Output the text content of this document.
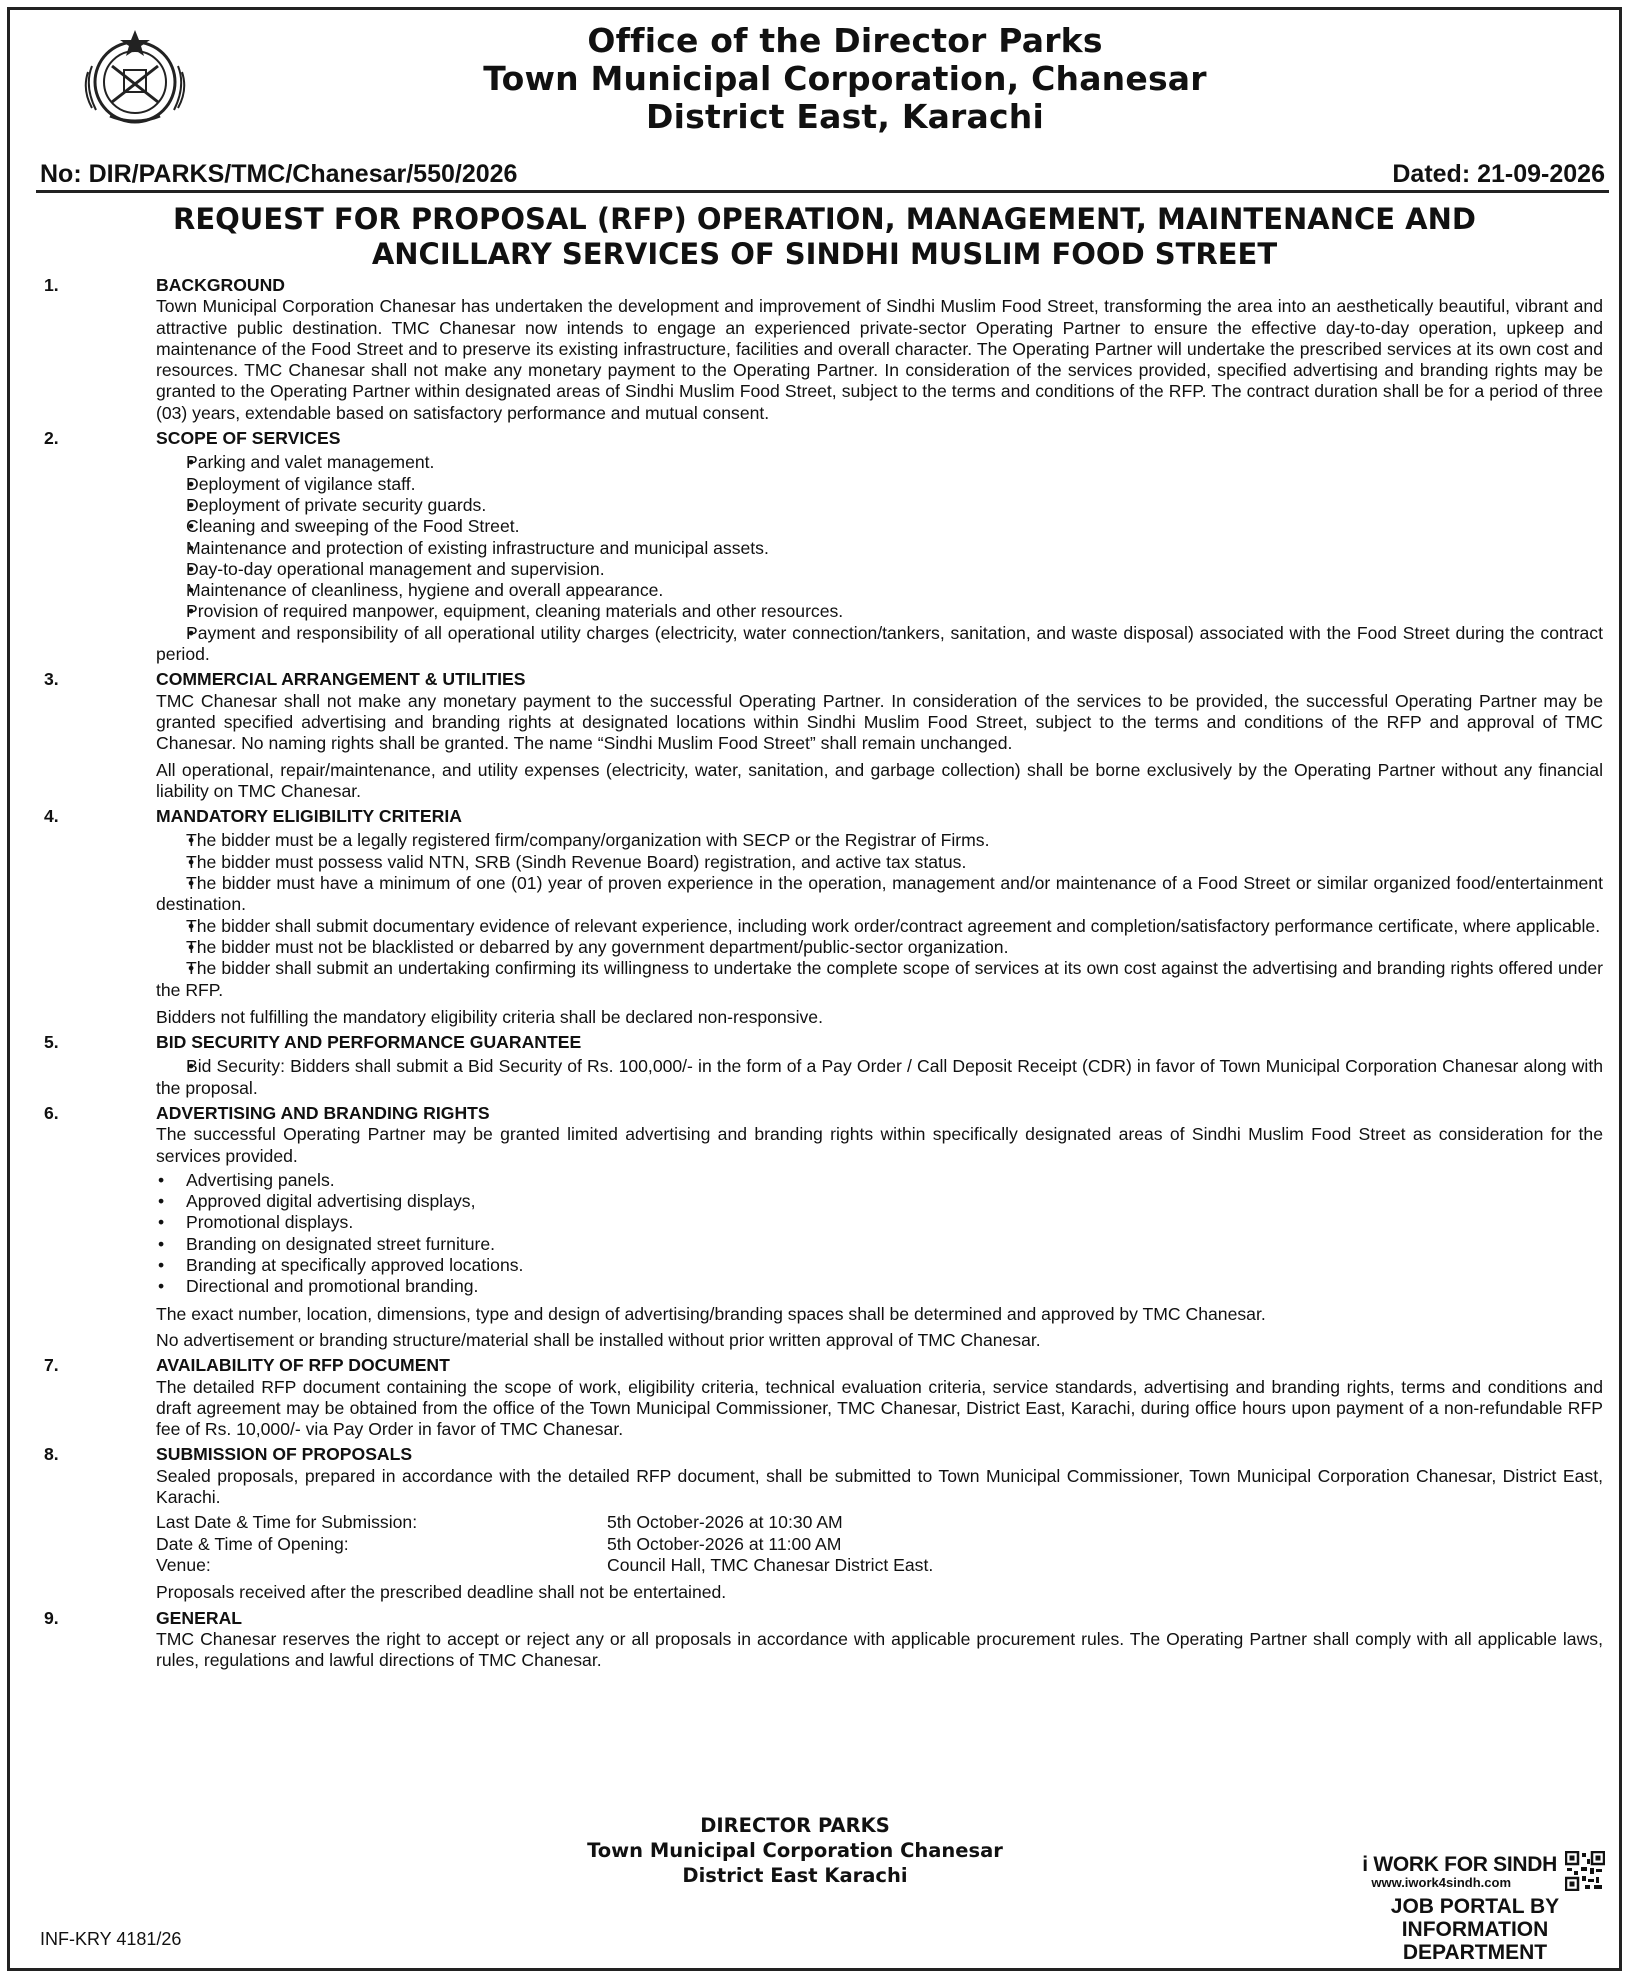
Office of the Director Parks
Town Municipal Corporation, Chanesar
District East, Karachi
No: DIR/PARKS/TMC/Chanesar/550/2026	Dated: 21-09-2026
REQUEST FOR PROPOSAL (RFP) OPERATION, MANAGEMENT, MAINTENANCE AND
ANCILLARY SERVICES OF SINDHI MUSLIM FOOD STREET
1.	BACKGROUND

Town Municipal Corporation Chanesar has undertaken the development and improvement of Sindhi Muslim Food Street, transforming the area into an aesthetically beautiful, vibrant and attractive public destination. TMC Chanesar now intends to engage an experienced private-sector Operating Partner to ensure the effective day-to-day operation, upkeep and maintenance of the Food Street and to preserve its existing infrastructure, facilities and overall character. The Operating Partner will undertake the prescribed services at its own cost and resources. TMC Chanesar shall not make any monetary payment to the Operating Partner. In consideration of the services provided, specified advertising and branding rights may be granted to the Operating Partner within designated areas of Sindhi Muslim Food Street, subject to the terms and conditions of the RFP. The contract duration shall be for a period of three (03) years, extendable based on satisfactory performance and mutual consent.

2.	SCOPE OF SERVICES
• Parking and valet management.
• Deployment of vigilance staff.
• Deployment of private security guards.
• Cleaning and sweeping of the Food Street.
• Maintenance and protection of existing infrastructure and municipal assets.
• Day-to-day operational management and supervision.
• Maintenance of cleanliness, hygiene and overall appearance.
• Provision of required manpower, equipment, cleaning materials and other resources.
• Payment and responsibility of all operational utility charges (electricity, water connection/tankers, sanitation, and waste disposal) associated with the Food Street during the contract period.
3.	COMMERCIAL ARRANGEMENT & UTILITIES

TMC Chanesar shall not make any monetary payment to the successful Operating Partner. In consideration of the services to be provided, the successful Operating Partner may be granted specified advertising and branding rights at designated locations within Sindhi Muslim Food Street, subject to the terms and conditions of the RFP and approval of TMC Chanesar. No naming rights shall be granted. The name “Sindhi Muslim Food Street” shall remain unchanged.

All operational, repair/maintenance, and utility expenses (electricity, water, sanitation, and garbage collection) shall be borne exclusively by the Operating Partner without any financial liability on TMC Chanesar.

4.	MANDATORY ELIGIBILITY CRITERIA
• The bidder must be a legally registered firm/company/organization with SECP or the Registrar of Firms.
• The bidder must possess valid NTN, SRB (Sindh Revenue Board) registration, and active tax status.
• The bidder must have a minimum of one (01) year of proven experience in the operation, management and/or maintenance of a Food Street or similar organized food/entertainment destination.
• The bidder shall submit documentary evidence of relevant experience, including work order/contract agreement and completion/satisfactory performance certificate, where applicable.
• The bidder must not be blacklisted or debarred by any government department/public-sector organization.
• The bidder shall submit an undertaking confirming its willingness to undertake the complete scope of services at its own cost against the advertising and branding rights offered under the RFP.

Bidders not fulfilling the mandatory eligibility criteria shall be declared non-responsive.

5.	BID SECURITY AND PERFORMANCE GUARANTEE
• Bid Security: Bidders shall submit a Bid Security of Rs. 100,000/- in the form of a Pay Order / Call Deposit Receipt (CDR) in favor of Town Municipal Corporation Chanesar along with the proposal.
6.	ADVERTISING AND BRANDING RIGHTS

The successful Operating Partner may be granted limited advertising and branding rights within specifically designated areas of Sindhi Muslim Food Street as consideration for the services provided.

• Advertising panels.
• Approved digital advertising displays,
• Promotional displays.
• Branding on designated street furniture.
• Branding at specifically approved locations.
• Directional and promotional branding.

The exact number, location, dimensions, type and design of advertising/branding spaces shall be determined and approved by TMC Chanesar.

No advertisement or branding structure/material shall be installed without prior written approval of TMC Chanesar.

7.	AVAILABILITY OF RFP DOCUMENT

The detailed RFP document containing the scope of work, eligibility criteria, technical evaluation criteria, service standards, advertising and branding rights, terms and conditions and draft agreement may be obtained from the office of the Town Municipal Commissioner, TMC Chanesar, District East, Karachi, during office hours upon payment of a non-refundable RFP fee of Rs. 10,000/- via Pay Order in favor of TMC Chanesar.

8.	SUBMISSION OF PROPOSALS

Sealed proposals, prepared in accordance with the detailed RFP document, shall be submitted to Town Municipal Commissioner, Town Municipal Corporation Chanesar, District East, Karachi.

Last Date & Time for Submission:	5th October-2026 at 10:30 AM
Date & Time of Opening:	5th October-2026 at 11:00 AM
Venue:	Council Hall, TMC Chanesar District East.

Proposals received after the prescribed deadline shall not be entertained.

9.	GENERAL

TMC Chanesar reserves the right to accept or reject any or all proposals in accordance with applicable procurement rules. The Operating Partner shall comply with all applicable laws, rules, regulations and lawful directions of TMC Chanesar.

DIRECTOR PARKS
Town Municipal Corporation Chanesar
District East Karachi
INF-KRY 4181/26
i WORK FOR SINDH
www.iwork4sindh.com
JOB PORTAL BY
INFORMATION DEPARTMENT
